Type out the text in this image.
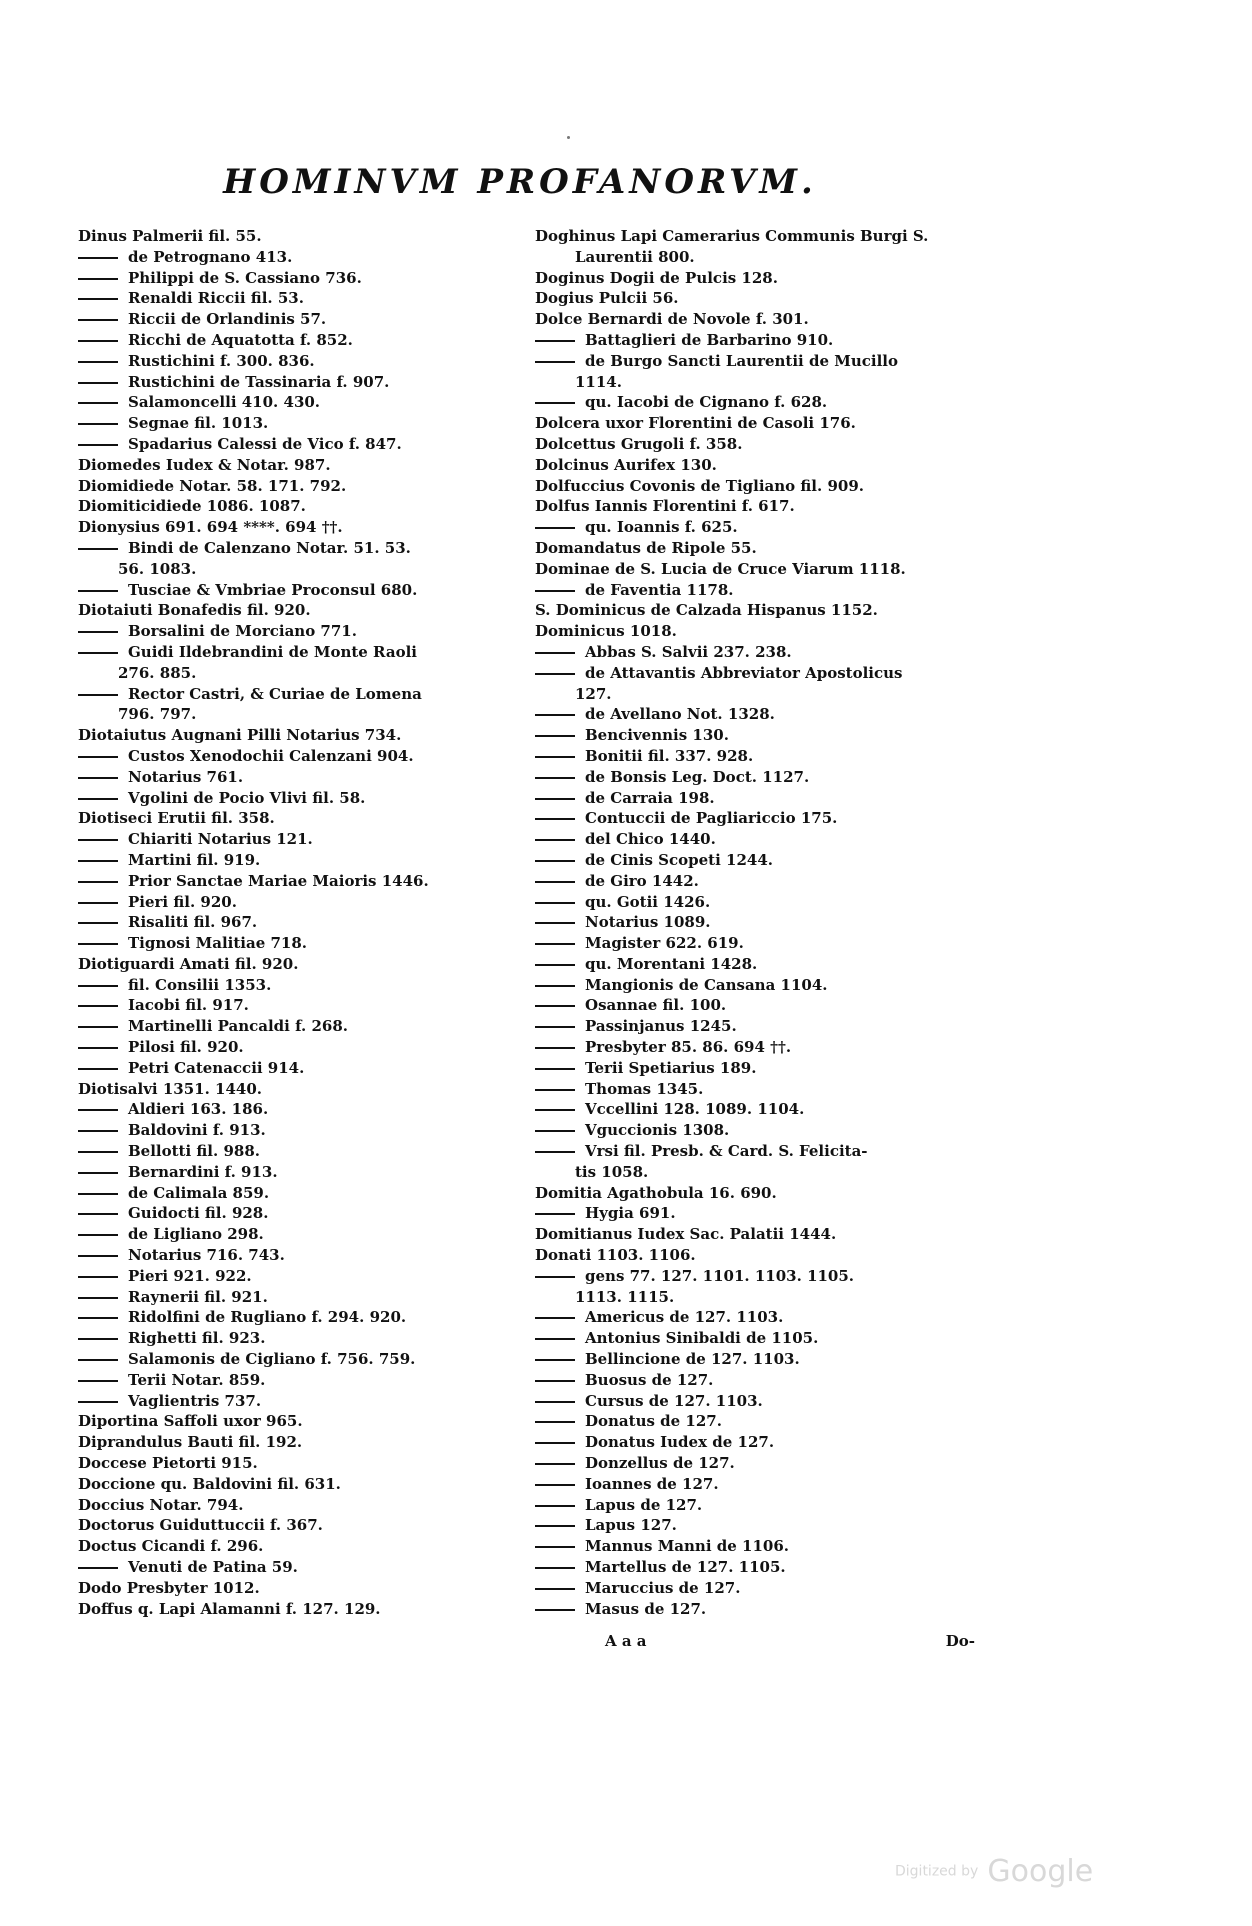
HOMINVM PROFANORVM.
Dinus Palmerii fil. 55.
de Petrognano 413.
Philippi de S. Cassiano 736.
Renaldi Riccii fil. 53.
Riccii de Orlandinis 57.
Ricchi de Aquatotta f. 852.
Rustichini f. 300. 836.
Rustichini de Tassinaria f. 907.
Salamoncelli 410. 430.
Segnae fil. 1013.
Spadarius Calessi de Vico f. 847.
Diomedes Iudex & Notar. 987.
Diomidiede Notar. 58. 171. 792.
Diomiticidiede 1086. 1087.
Dionysius 691. 694 ****. 694 ††.
Bindi de Calenzano Notar. 51. 53.
56. 1083.
Tusciae & Vmbriae Proconsul 680.
Diotaiuti Bonafedis fil. 920.
Borsalini de Morciano 771.
Guidi Ildebrandini de Monte Raoli
276. 885.
Rector Castri, & Curiae de Lomena
796. 797.
Diotaiutus Augnani Pilli Notarius 734.
Custos Xenodochii Calenzani 904.
Notarius 761.
Vgolini de Pocio Vlivi fil. 58.
Diotiseci Erutii fil. 358.
Chiariti Notarius 121.
Martini fil. 919.
Prior Sanctae Mariae Maioris 1446.
Pieri fil. 920.
Risaliti fil. 967.
Tignosi Malitiae 718.
Diotiguardi Amati fil. 920.
fil. Consilii 1353.
Iacobi fil. 917.
Martinelli Pancaldi f. 268.
Pilosi fil. 920.
Petri Catenaccii 914.
Diotisalvi 1351. 1440.
Aldieri 163. 186.
Baldovini f. 913.
Bellotti fil. 988.
Bernardini f. 913.
de Calimala 859.
Guidocti fil. 928.
de Ligliano 298.
Notarius 716. 743.
Pieri 921. 922.
Raynerii fil. 921.
Ridolfini de Rugliano f. 294. 920.
Righetti fil. 923.
Salamonis de Cigliano f. 756. 759.
Terii Notar. 859.
Vaglientris 737.
Diportina Saffoli uxor 965.
Diprandulus Bauti fil. 192.
Doccese Pietorti 915.
Doccione qu. Baldovini fil. 631.
Doccius Notar. 794.
Doctorus Guiduttuccii f. 367.
Doctus Cicandi f. 296.
Venuti de Patina 59.
Dodo Presbyter 1012.
Doffus q. Lapi Alamanni f. 127. 129.
Doghinus Lapi Camerarius Communis Burgi S.
Laurentii 800.
Doginus Dogii de Pulcis 128.
Dogius Pulcii 56.
Dolce Bernardi de Novole f. 301.
Battaglieri de Barbarino 910.
de Burgo Sancti Laurentii de Mucillo
1114.
qu. Iacobi de Cignano f. 628.
Dolcera uxor Florentini de Casoli 176.
Dolcettus Grugoli f. 358.
Dolcinus Aurifex 130.
Dolfuccius Covonis de Tigliano fil. 909.
Dolfus Iannis Florentini f. 617.
qu. Ioannis f. 625.
Domandatus de Ripole 55.
Dominae de S. Lucia de Cruce Viarum 1118.
de Faventia 1178.
S. Dominicus de Calzada Hispanus 1152.
Dominicus 1018.
Abbas S. Salvii 237. 238.
de Attavantis Abbreviator Apostolicus
127.
de Avellano Not. 1328.
Bencivennis 130.
Bonitii fil. 337. 928.
de Bonsis Leg. Doct. 1127.
de Carraia 198.
Contuccii de Pagliariccio 175.
del Chico 1440.
de Cinis Scopeti 1244.
de Giro 1442.
qu. Gotii 1426.
Notarius 1089.
Magister 622. 619.
qu. Morentani 1428.
Mangionis de Cansana 1104.
Osannae fil. 100.
Passinjanus 1245.
Presbyter 85. 86. 694 ††.
Terii Spetiarius 189.
Thomas 1345.
Vccellini 128. 1089. 1104.
Vguccionis 1308.
Vrsi fil. Presb. & Card. S. Felicita-
tis 1058.
Domitia Agathobula 16. 690.
Hygia 691.
Domitianus Iudex Sac. Palatii 1444.
Donati 1103. 1106.
gens 77. 127. 1101. 1103. 1105.
1113. 1115.
Americus de 127. 1103.
Antonius Sinibaldi de 1105.
Bellincione de 127. 1103.
Buosus de 127.
Cursus de 127. 1103.
Donatus de 127.
Donatus Iudex de 127.
Donzellus de 127.
Ioannes de 127.
Lapus de 127.
Lapus 127.
Mannus Manni de 1106.
Martellus de 127. 1105.
Maruccius de 127.
Masus de 127.
A a a	Do-
Digitized by Google
